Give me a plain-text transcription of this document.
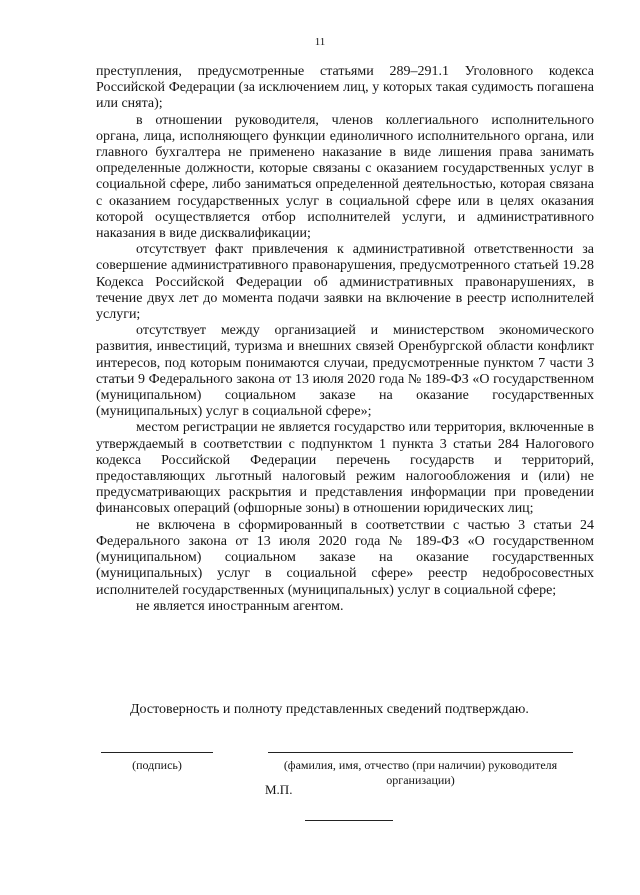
11

преступления, предусмотренные статьями 289–291.1 Уголовного кодекса Российской Федерации (за исключением лиц, у которых такая судимость погашена или снята);

в отношении руководителя, членов коллегиального исполнительного органа, лица, исполняющего функции единоличного исполнительного органа, или главного бухгалтера не применено наказание в виде лишения права занимать определенные должности, которые связаны с оказанием государственных услуг в социальной сфере, либо заниматься определенной деятельностью, которая связана с оказанием государственных услуг в социальной сфере или в целях оказания которой осуществляется отбор исполнителей услуги, и административного наказания в виде дисквалификации;

отсутствует факт привлечения к административной ответственности за совершение административного правонарушения, предусмотренного статьей 19.28 Кодекса Российской Федерации об административных правонарушениях, в течение двух лет до момента подачи заявки на включение в реестр исполнителей услуги;

отсутствует между организацией и министерством экономического развития, инвестиций, туризма и внешних связей Оренбургской области конфликт интересов, под которым понимаются случаи, предусмотренные пунктом 7 части 3 статьи 9 Федерального закона от 13 июля 2020 года № 189-ФЗ «О государственном (муниципальном) социальном заказе на оказание государственных (муниципальных) услуг в социальной сфере»;

местом регистрации не является государство или территория, включенные в утверждаемый в соответствии с подпунктом 1 пункта 3 статьи 284 Налогового кодекса Российской Федерации перечень государств и территорий, предоставляющих льготный налоговый режим налогообложения и (или) не предусматривающих раскрытия и представления информации при проведении финансовых операций (офшорные зоны) в отношении юридических лиц;

не включена в сформированный в соответствии с частью 3 статьи 24 Федерального закона от 13 июля 2020 года № 189-ФЗ «О государственном (муниципальном) социальном заказе на оказание государственных (муниципальных) услуг в социальной сфере» реестр недобросовестных исполнителей государственных (муниципальных) услуг в социальной сфере;

не является иностранным агентом.

Достоверность и полноту представленных сведений подтверждаю.
(подпись)	(фамилия, имя, отчество (при наличии) руководителя организации)
М.П.
